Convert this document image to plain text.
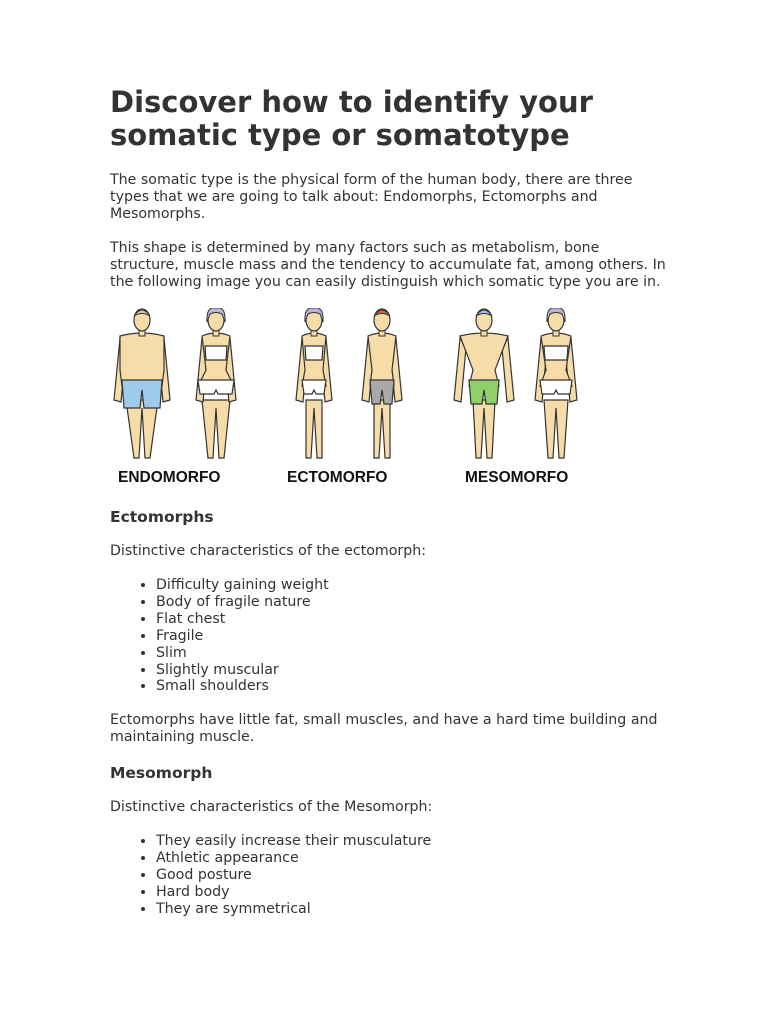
Discover how to identify your somatic type or somatotype

The somatic type is the physical form of the human body, there are three types that we are going to talk about: Endomorphs, Ectomorphs and Mesomorphs.

This shape is determined by many factors such as metabolism, bone structure, muscle mass and the tendency to accumulate fat, among others. In the following image you can easily distinguish which somatic type you are in.

ENDOMORFO	ECTOMORFO	MESOMORFO
Ectomorphs

Distinctive characteristics of the ectomorph:

• Difficulty gaining weight
• Body of fragile nature
• Flat chest
• Fragile
• Slim
• Slightly muscular
• Small shoulders

Ectomorphs have little fat, small muscles, and have a hard time building and maintaining muscle.

Mesomorph

Distinctive characteristics of the Mesomorph:

• They easily increase their musculature
• Athletic appearance
• Good posture
• Hard body
• They are symmetrical
